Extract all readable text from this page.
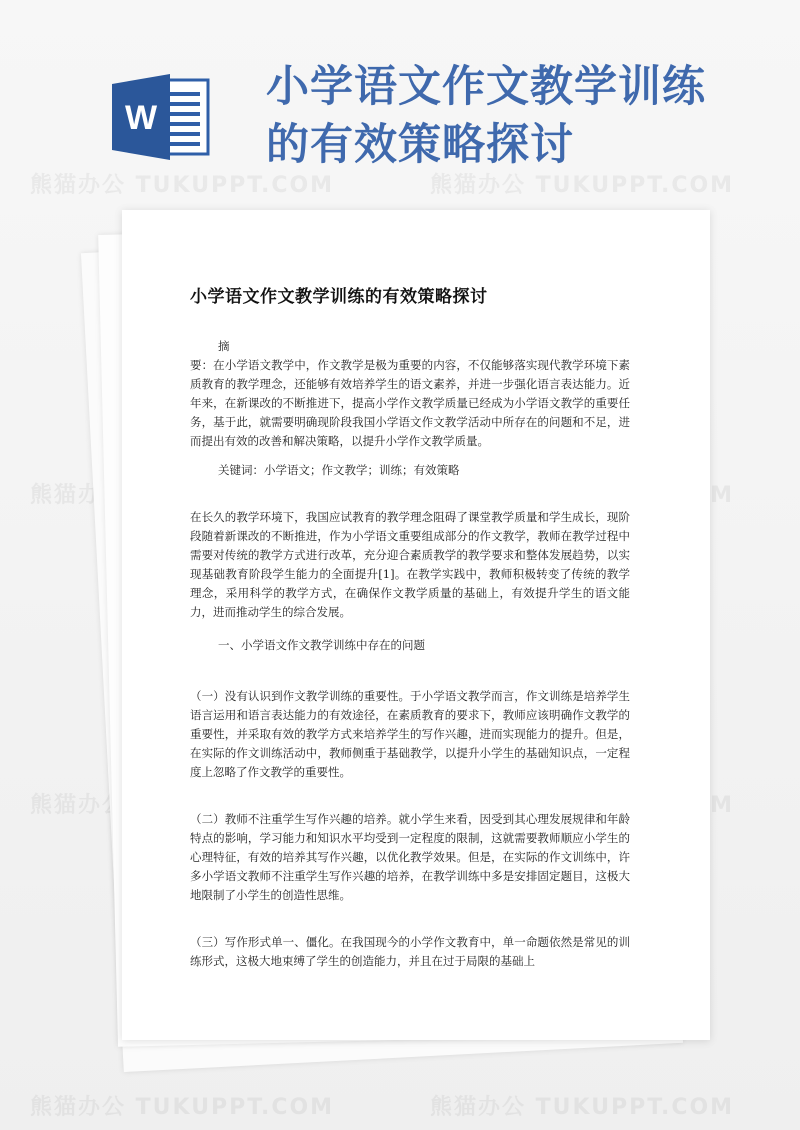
W
小学语文作文教学训练
的有效策略探讨
熊猫办公 TUKUPPT.COM
熊猫办公 TUKUPPT.COM
熊猫办公
熊猫办公
熊猫办公 TUKUPPT.COM
熊猫办公 TUKUPPT.COM
小学语文作文教学训练的有效策略探讨
摘
要：在小学语文教学中，作文教学是极为重要的内容，不仅能够落实现代教学环境下素质教育的教学理念，还能够有效培养学生的语文素养，并进一步强化语言表达能力。近年来，在新课改的不断推进下，提高小学作文教学质量已经成为小学语文教学的重要任务，基于此，就需要明确现阶段我国小学语文作文教学活动中所存在的问题和不足，进而提出有效的改善和解决策略，以提升小学作文教学质量。
关键词：小学语文；作文教学；训练；有效策略

在长久的教学环境下，我国应试教育的教学理念阻碍了课堂教学质量和学生成长，现阶段随着新课改的不断推进，作为小学语文重要组成部分的作文教学，教师在教学过程中需要对传统的教学方式进行改革，充分迎合素质教学的教学要求和整体发展趋势，以实现基础教育阶段学生能力的全面提升[1]。在教学实践中，教师积极转变了传统的教学理念，采用科学的教学方式，在确保作文教学质量的基础上，有效提升学生的语文能力，进而推动学生的综合发展。

一、小学语文作文教学训练中存在的问题

（一）没有认识到作文教学训练的重要性。于小学语文教学而言，作文训练是培养学生语言运用和语言表达能力的有效途径，在素质教育的要求下，教师应该明确作文教学的重要性，并采取有效的教学方式来培养学生的写作兴趣，进而实现能力的提升。但是，在实际的作文训练活动中，教师侧重于基础教学，以提升小学生的基础知识点，一定程度上忽略了作文教学的重要性。

（二）教师不注重学生写作兴趣的培养。就小学生来看，因受到其心理发展规律和年龄特点的影响，学习能力和知识水平均受到一定程度的限制，这就需要教师顺应小学生的心理特征，有效的培养其写作兴趣，以优化教学效果。但是，在实际的作文训练中，许多小学语文教师不注重学生写作兴趣的培养，在教学训练中多是安排固定题目，这极大地限制了小学生的创造性思维。

（三）写作形式单一、僵化。在我国现今的小学作文教育中，单一命题依然是常见的训练形式，这极大地束缚了学生的创造能力，并且在过于局限的基础上
